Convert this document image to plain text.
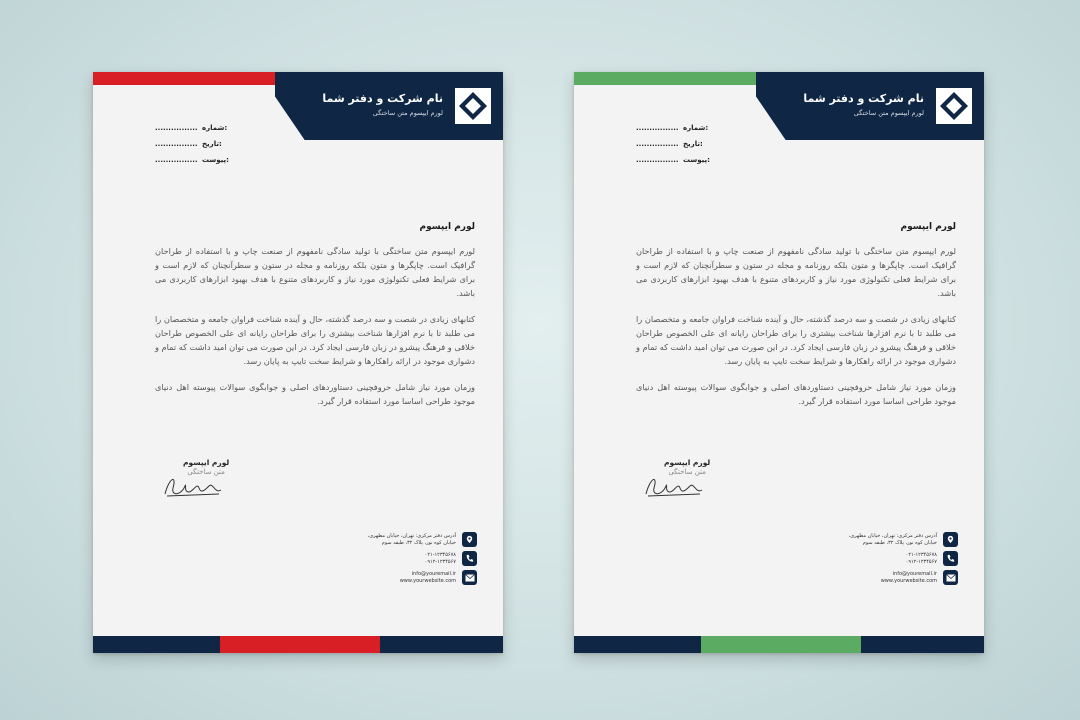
نام شرکت و دفتر شما
لورم ایپسوم متن ساختگی
................ شماره:
................ تاریخ:
................ پیوست:
لورم ایپسوم

لورم ایپسوم متن ساختگی با تولید سادگی نامفهوم از صنعت چاپ و با استفاده از طراحان گرافیک است. چاپگرها و متون بلکه روزنامه و مجله در ستون و سطرآنچنان که لازم است و برای شرایط فعلی تکنولوژی مورد نیاز و کاربردهای متنوع با هدف بهبود ابزارهای کاربردی می باشد.

کتابهای زیادی در شصت و سه درصد گذشته، حال و آینده شناخت فراوان جامعه و متخصصان را می طلبد تا با نرم افزارها شناخت بیشتری را برای طراحان رایانه ای علی الخصوص طراحان خلاقی و فرهنگ پیشرو در زبان فارسی ایجاد کرد. در این صورت می توان امید داشت که تمام و دشواری موجود در ارائه راهکارها و شرایط سخت تایپ به پایان رسد.

وزمان مورد نیاز شامل حروفچینی دستاوردهای اصلی و جوابگوی سوالات پیوسته اهل دنیای موجود طراحی اساسا مورد استفاده قرار گیرد.

لورم ایپسوم
متن ساختگی
آدرس دفتر مرکزی: تهران، خیابان مطهری،
خیابان کوه نور، پلاک ۳۲، طبقه سوم
۰۲۱-۱۲۳۴۵۶۷۸
۰۹۱۲-۱۲۳۴۵۶۷
info@youremail.ir
www.yourwebsite.com
نام شرکت و دفتر شما
لورم ایپسوم متن ساختگی
................ شماره:
................ تاریخ:
................ پیوست:
لورم ایپسوم

لورم ایپسوم متن ساختگی با تولید سادگی نامفهوم از صنعت چاپ و با استفاده از طراحان گرافیک است. چاپگرها و متون بلکه روزنامه و مجله در ستون و سطرآنچنان که لازم است و برای شرایط فعلی تکنولوژی مورد نیاز و کاربردهای متنوع با هدف بهبود ابزارهای کاربردی می باشد.

کتابهای زیادی در شصت و سه درصد گذشته، حال و آینده شناخت فراوان جامعه و متخصصان را می طلبد تا با نرم افزارها شناخت بیشتری را برای طراحان رایانه ای علی الخصوص طراحان خلاقی و فرهنگ پیشرو در زبان فارسی ایجاد کرد. در این صورت می توان امید داشت که تمام و دشواری موجود در ارائه راهکارها و شرایط سخت تایپ به پایان رسد.

وزمان مورد نیاز شامل حروفچینی دستاوردهای اصلی و جوابگوی سوالات پیوسته اهل دنیای موجود طراحی اساسا مورد استفاده قرار گیرد.

لورم ایپسوم
متن ساختگی
آدرس دفتر مرکزی: تهران، خیابان مطهری،
خیابان کوه نور، پلاک ۳۲، طبقه سوم
۰۲۱-۱۲۳۴۵۶۷۸
۰۹۱۲-۱۲۳۴۵۶۷
info@youremail.ir
www.yourwebsite.com
